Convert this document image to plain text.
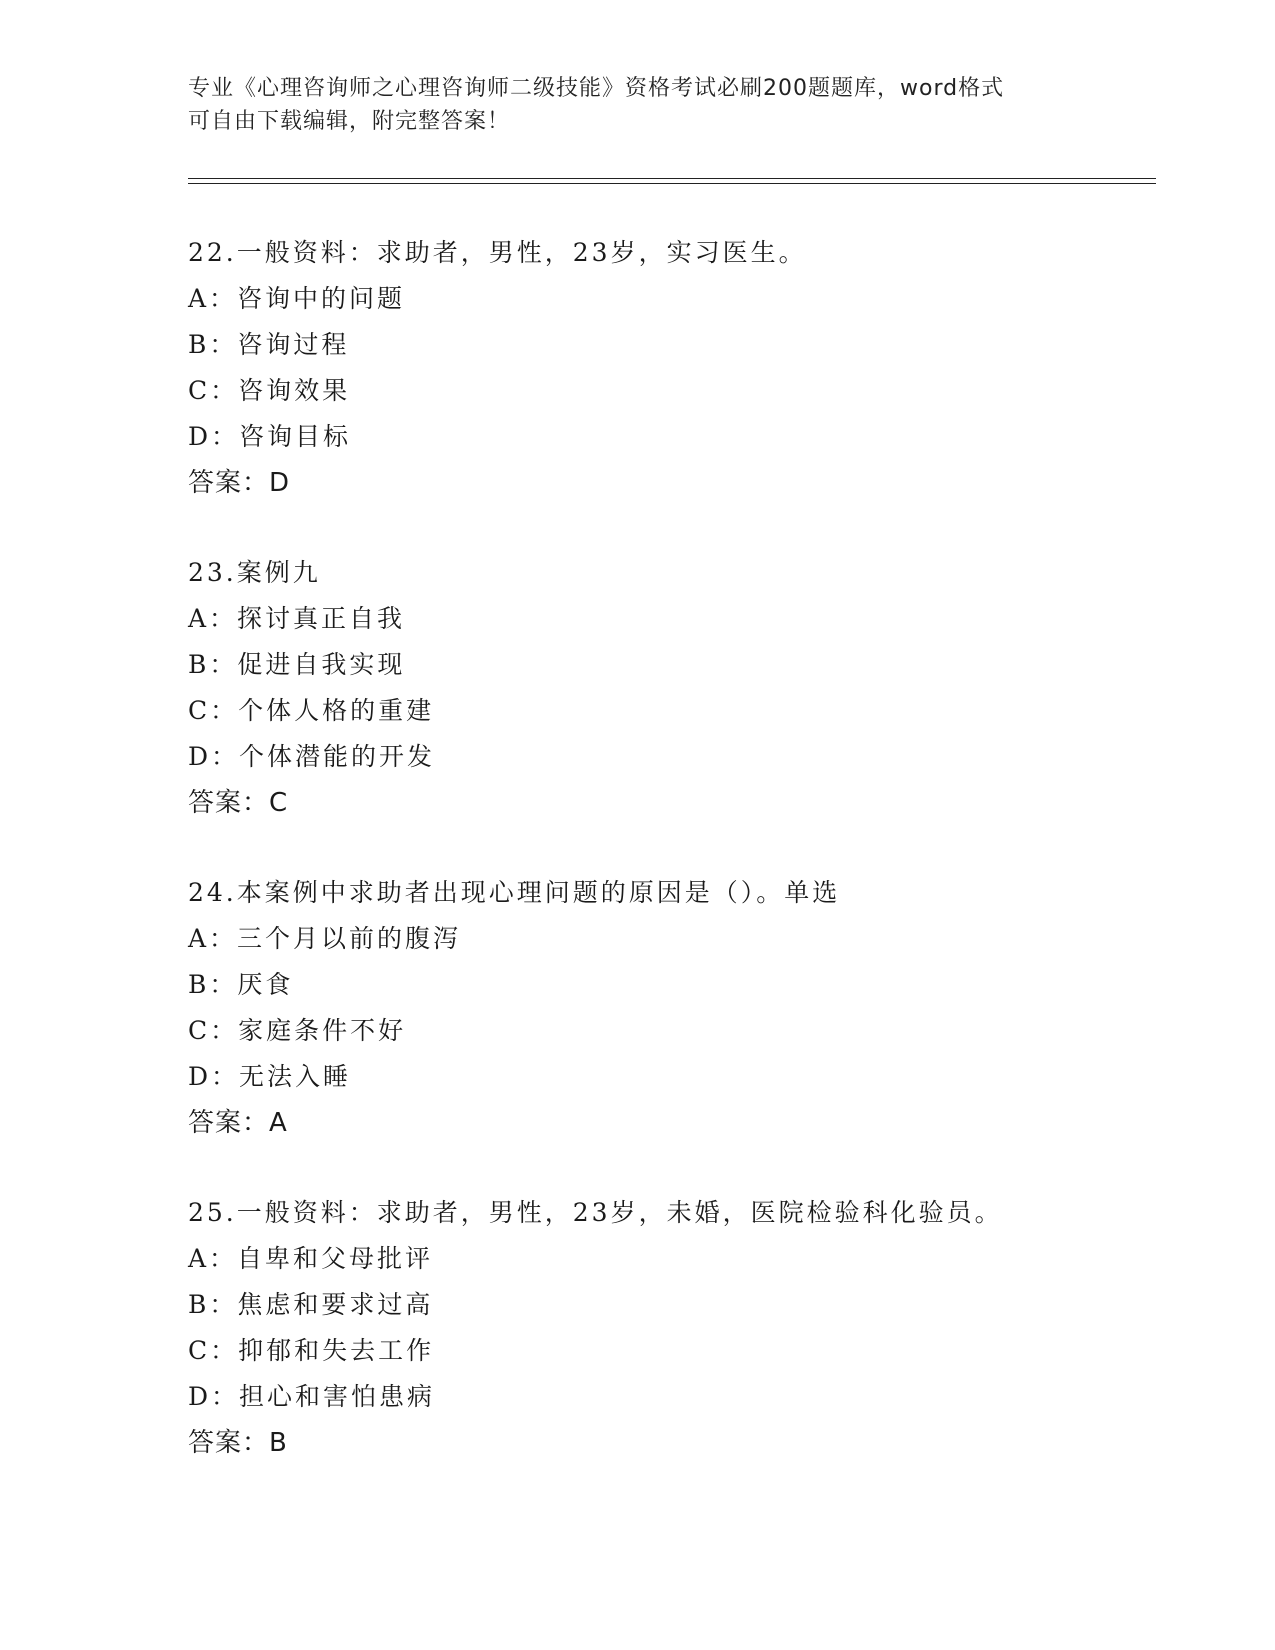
专业《心理咨询师之心理咨询师二级技能》资格考试必刷200题题库，word格式
可自由下载编辑，附完整答案！
22.一般资料：求助者，男性，23岁，实习医生。
A：咨询中的问题
B：咨询过程
C：咨询效果
D：咨询目标
答案：D
23.案例九
A：探讨真正自我
B：促进自我实现
C：个体人格的重建
D：个体潜能的开发
答案：C
24.本案例中求助者出现心理问题的原因是（）。单选
A：三个月以前的腹泻
B：厌食
C：家庭条件不好
D：无法入睡
答案：A
25.一般资料：求助者，男性，23岁，未婚，医院检验科化验员。
A：自卑和父母批评
B：焦虑和要求过高
C：抑郁和失去工作
D：担心和害怕患病
答案：B
